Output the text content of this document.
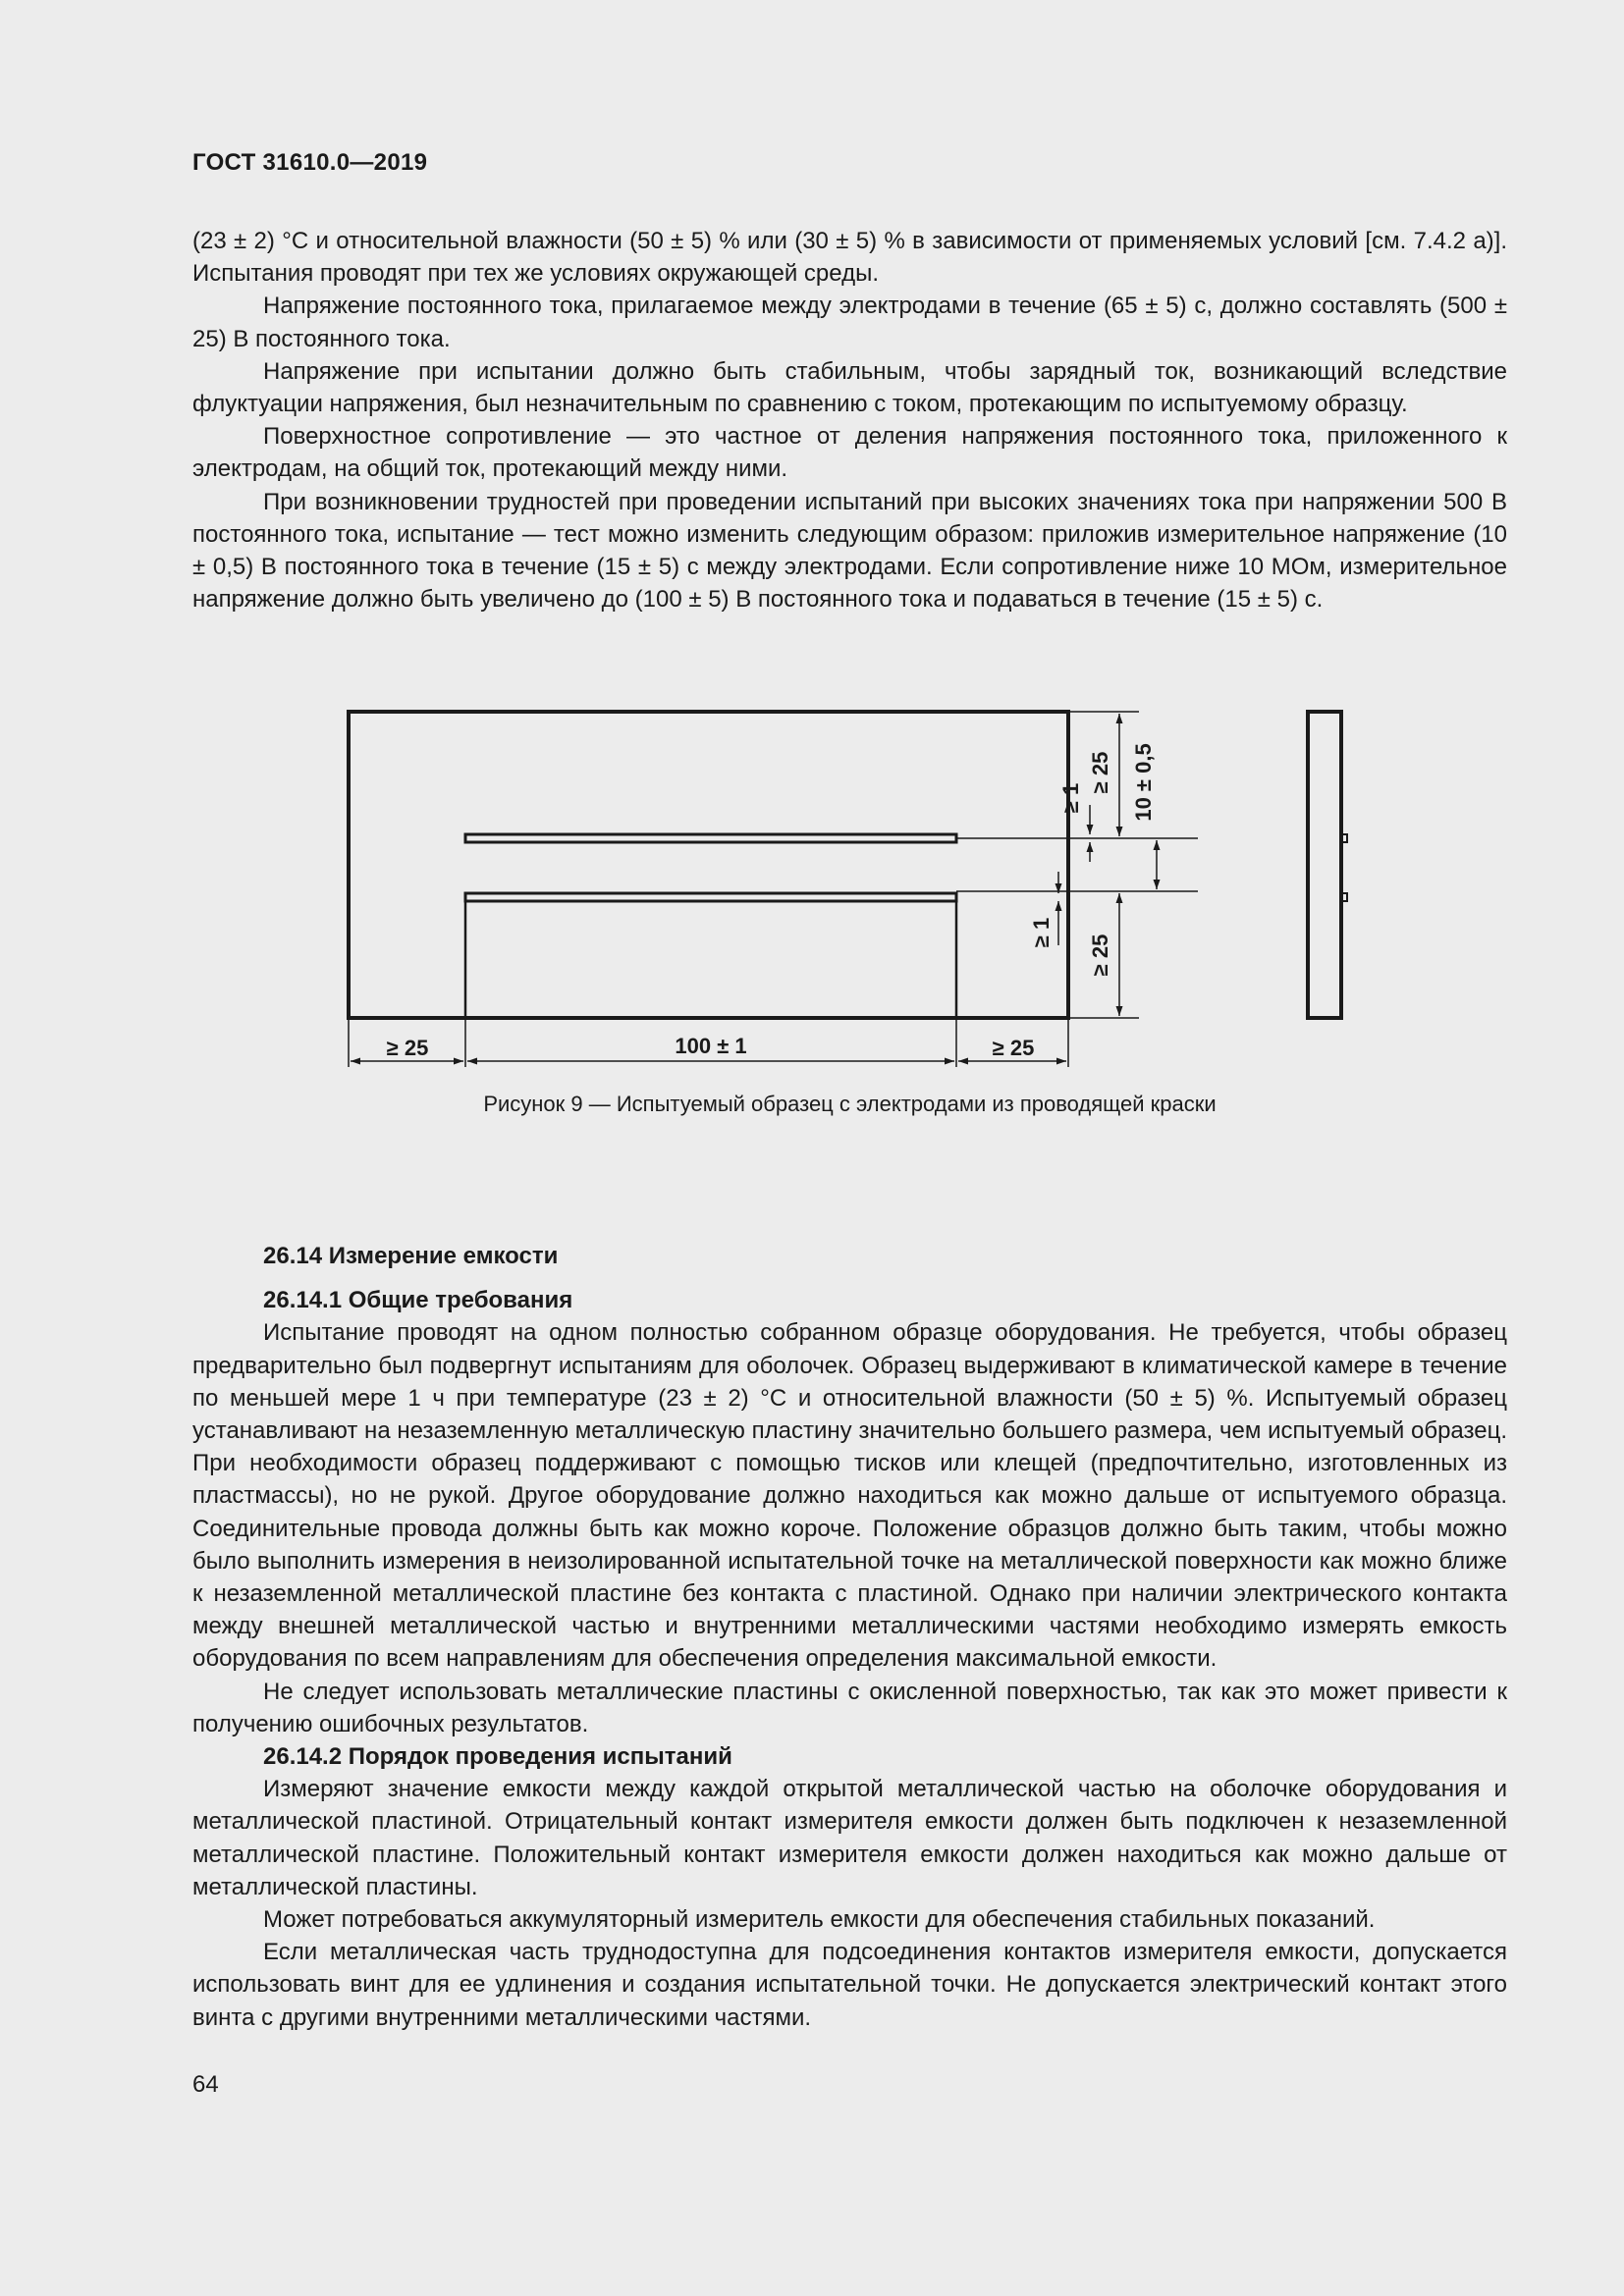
ГОСТ 31610.0—2019

(23 ± 2) °C и относительной влажности (50 ± 5) % или (30 ± 5) % в зависимости от применяемых условий [см. 7.4.2 а)]. Испытания проводят при тех же условиях окружающей среды.

Напряжение постоянного тока, прилагаемое между электродами в течение (65 ± 5) с, должно составлять (500 ± 25) В постоянного тока.

Напряжение при испытании должно быть стабильным, чтобы зарядный ток, возникающий вследствие флуктуации напряжения, был незначительным по сравнению с током, протекающим по испытуемому образцу.

Поверхностное сопротивление — это частное от деления напряжения постоянного тока, приложенного к электродам, на общий ток, протекающий между ними.

При возникновении трудностей при проведении испытаний при высоких значениях тока при напряжении 500 В постоянного тока, испытание — тест можно изменить следующим образом: приложив измерительное напряжение (10 ± 0,5) В постоянного тока в течение (15 ± 5) с между электродами. Если сопротивление ниже 10 МОм, измерительное напряжение должно быть увеличено до (100 ± 5) В постоянного тока и подаваться в течение (15 ± 5) с.

≥ 25	100 ± 1	≥ 25
≥ 25 10 ± 0,5
≥ 1
≥ 1
≥ 25
Рисунок 9 — Испытуемый образец с электродами из проводящей краски

26.14 Измерение емкости

26.14.1 Общие требования

Испытание проводят на одном полностью собранном образце оборудования. Не требуется, чтобы образец предварительно был подвергнут испытаниям для оболочек. Образец выдерживают в климатической камере в течение по меньшей мере 1 ч при температуре (23 ± 2) °C и относительной влажности (50 ± 5) %. Испытуемый образец устанавливают на незаземленную металлическую пластину значительно большего размера, чем испытуемый образец. При необходимости образец поддерживают с помощью тисков или клещей (предпочтительно, изготовленных из пластмассы), но не рукой. Другое оборудование должно находиться как можно дальше от испытуемого образца. Соединительные провода должны быть как можно короче. Положение образцов должно быть таким, чтобы можно было выполнить измерения в неизолированной испытательной точке на металлической поверхности как можно ближе к незаземленной металлической пластине без контакта с пластиной. Однако при наличии электрического контакта между внешней металлической частью и внутренними металлическими частями необходимо измерять емкость оборудования по всем направлениям для обеспечения определения максимальной емкости.

Не следует использовать металлические пластины с окисленной поверхностью, так как это может привести к получению ошибочных результатов.

26.14.2 Порядок проведения испытаний

Измеряют значение емкости между каждой открытой металлической частью на оболочке оборудования и металлической пластиной. Отрицательный контакт измерителя емкости должен быть подключен к незаземленной металлической пластине. Положительный контакт измерителя емкости должен находиться как можно дальше от металлической пластины.

Может потребоваться аккумуляторный измеритель емкости для обеспечения стабильных показаний.

Если металлическая часть труднодоступна для подсоединения контактов измерителя емкости, допускается использовать винт для ее удлинения и создания испытательной точки. Не допускается электрический контакт этого винта с другими внутренними металлическими частями.

64
